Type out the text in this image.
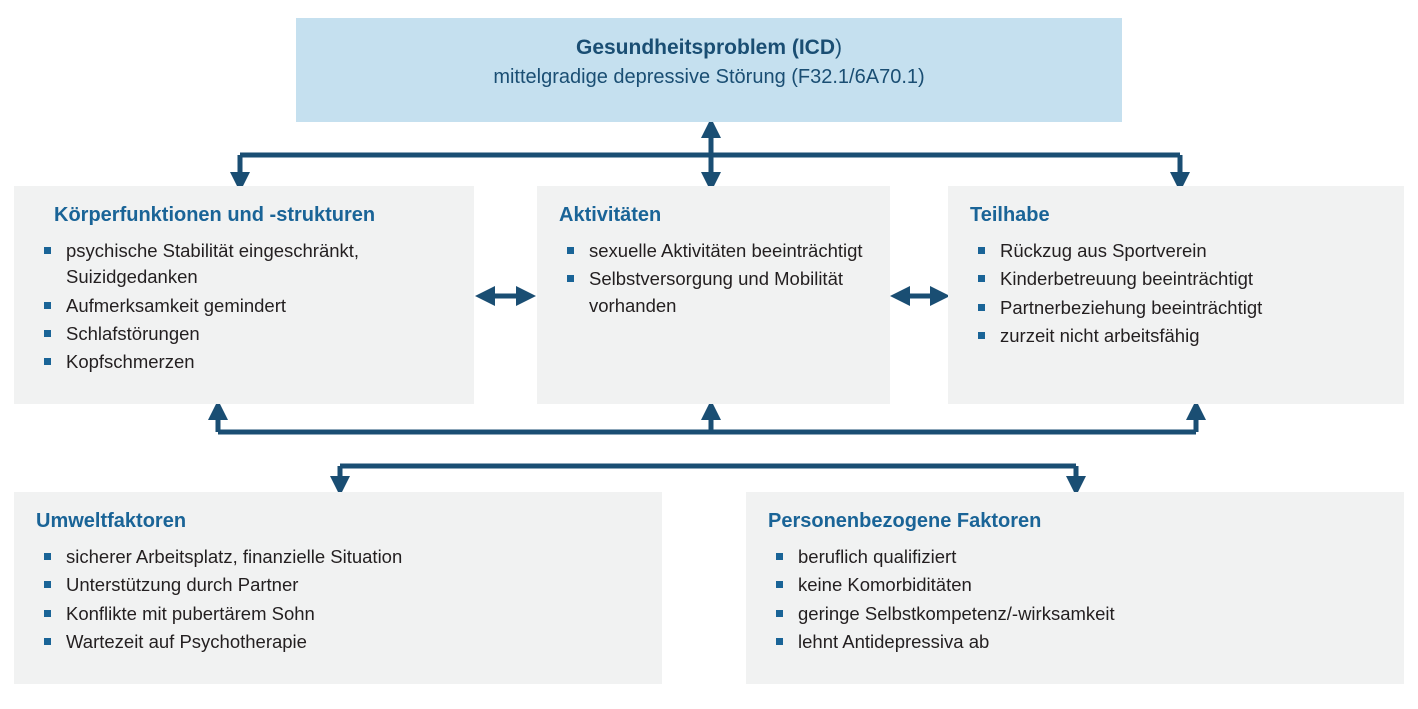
Gesundheitsproblem (ICD)
mittelgradige depressive Störung (F32.1/6A70.1)
Körperfunktionen und -strukturen
psychische Stabilität eingeschränkt, Suizidgedanken
Aufmerksamkeit gemindert
Schlafstörungen
Kopfschmerzen
Aktivitäten
sexuelle Aktivitäten beeinträchtigt
Selbstversorgung und Mobilität vorhanden
Teilhabe
Rückzug aus Sportverein
Kinderbetreuung beeinträchtigt
Partnerbeziehung beeinträchtigt
zurzeit nicht arbeitsfähig
Umweltfaktoren
sicherer Arbeitsplatz, finanzielle Situation
Unterstützung durch Partner
Konflikte mit pubertärem Sohn
Wartezeit auf Psychotherapie
Personenbezogene Faktoren
beruflich qualifiziert
keine Komorbiditäten
geringe Selbstkompetenz/-wirksamkeit
lehnt Antidepressiva ab
